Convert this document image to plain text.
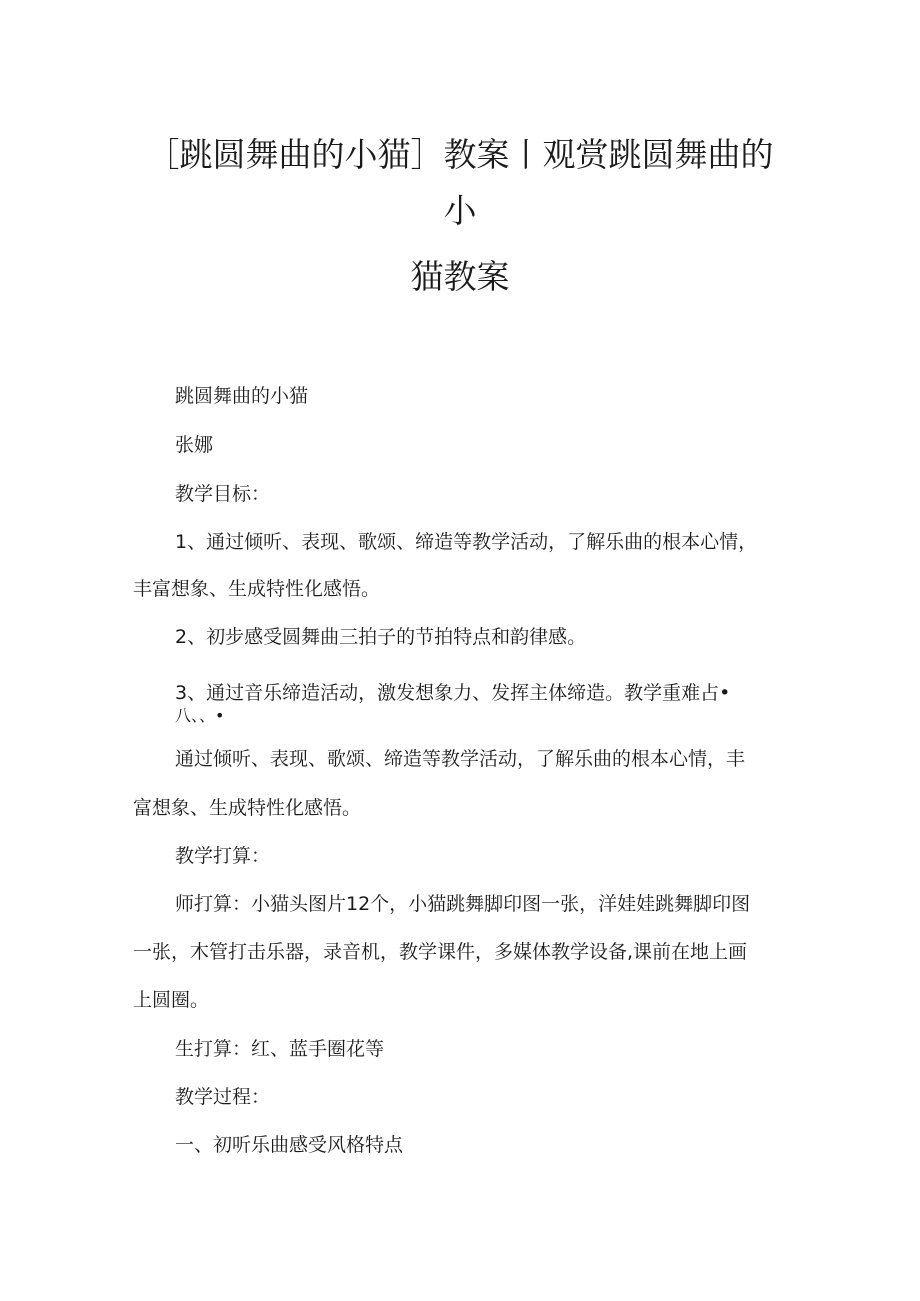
［跳圆舞曲的小猫］教案丨观赏跳圆舞曲的
小
猫教案

跳圆舞曲的小猫

张娜

教学目标：

1、通过倾听、表现、歌颂、缔造等教学活动，了解乐曲的根本心情，

丰富想象、生成特性化感悟。

2、初步感受圆舞曲三拍子的节拍特点和韵律感。

3、通过音乐缔造活动，激发想象力、发挥主体缔造。教学重难占•

八、、•

通过倾听、表现、歌颂、缔造等教学活动，了解乐曲的根本心情，丰

富想象、生成特性化感悟。

教学打算：

师打算：小猫头图片12个，小猫跳舞脚印图一张，洋娃娃跳舞脚印图

一张，木管打击乐器，录音机，教学课件，多媒体教学设备,课前在地上画

上圆圈。

生打算：红、蓝手圈花等

教学过程：

一、初听乐曲感受风格特点
